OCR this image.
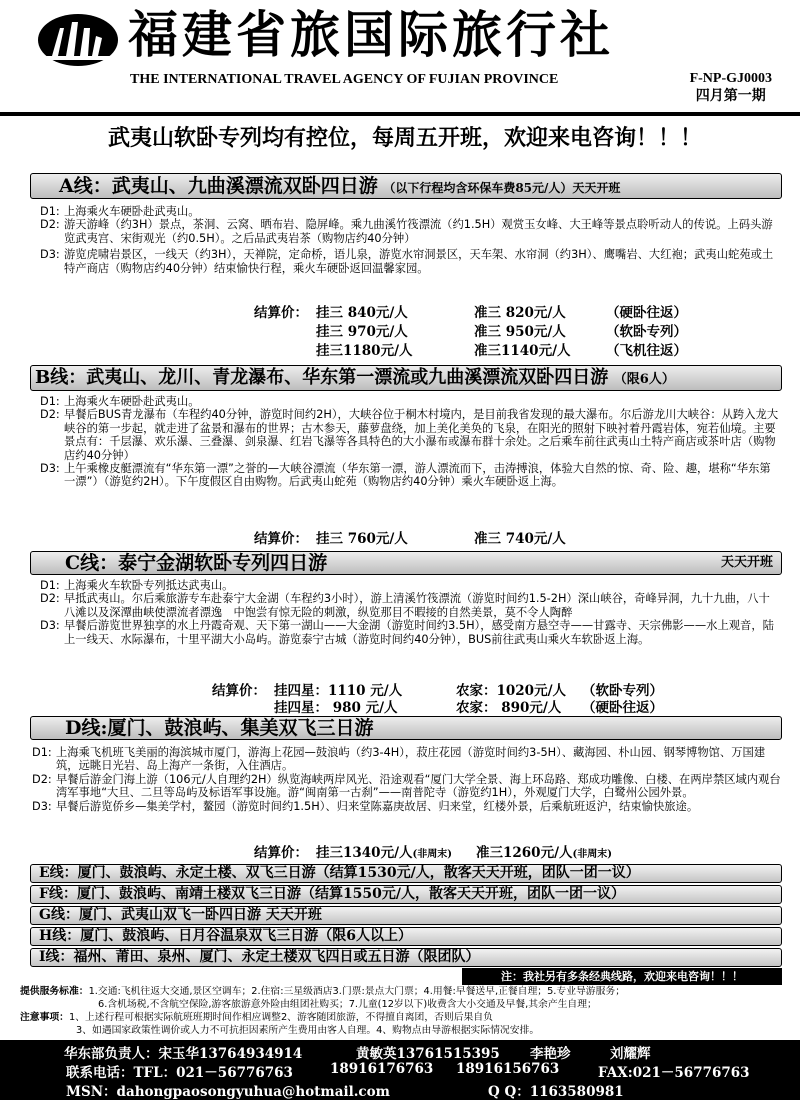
福建省旅国际旅行社
THE INTERNATIONAL TRAVEL AGENCY OF FUJIAN PROVINCE	F-NP-GJ0003
四月第一期
武夷山软卧专列均有控位，每周五开班，欢迎来电咨询！！！
A线：武夷山、九曲溪漂流双卧四日游 （以下行程均含环保车费85元/人）天天开班
D1: 上海乘火车硬卧赴武夷山。
D2: 游天游峰（约3H）景点，茶洞、云窝、晒布岩、隐屏峰。乘九曲溪竹筏漂流（约1.5H）观赏玉女峰、大王峰等景点聆听动人的传说。上码头游览武夷宫、宋街观光（约0.5H）。之后品武夷岩茶（购物店约40分钟）
D3: 游览虎啸岩景区，一线天（约3H），天禅院，定命桥，语儿泉，游览水帘洞景区，天车架、水帘洞（约3H）、鹰嘴岩、大红袍；武夷山蛇苑或土特产商店（购物店约40分钟）结束愉快行程，乘火车硬卧返回温馨家园。
结算价： 挂三 840元/人	准三 820元/人	（硬卧往返）
挂三 970元/人	准三 950元/人	（软卧专列）
挂三1180元/人	准三1140元/人	（飞机往返）
B线：武夷山、龙川、青龙瀑布、华东第一漂流或九曲溪漂流双卧四日游 （限6人）
D1: 上海乘火车硬卧赴武夷山。
D2: 早餐后BUS青龙瀑布（车程约40分钟，游览时间约2H），大峡谷位于桐木村境内，是目前我省发现的最大瀑布。尔后游龙川大峡谷：从跨入龙大峡谷的第一步起，就走进了盆景和瀑布的世界；古木参天，藤萝盘绕，加上美化美奂的飞泉，在阳光的照射下映衬着丹霞岩体，宛若仙境。主要景点有：千层瀑、欢乐瀑、三叠瀑、剑泉瀑、红岩飞瀑等各具特色的大小瀑布或瀑布群十余处。之后乘车前往武夷山土特产商店或茶叶店（购物店约40分钟）
D3: 上午乘橡皮艇漂流有“华东第一漂”之誉的—大峡谷漂流（华东第一漂，游人漂流而下，击涛搏浪，体验大自然的惊、奇、险、趣，堪称“华东第一漂”）（游览约2H）。下午度假区自由购物。后武夷山蛇苑（购物店约40分钟）乘火车硬卧返上海。
结算价： 挂三 760元/人	准三 740元/人
C线：泰宁金湖软卧专列四日游	天天开班
D1: 上海乘火车软卧专列抵达武夷山。
D2: 早抵武夷山。尔后乘旅游专车赴泰宁大金湖（车程约3小时），游上清溪竹筏漂流（游览时间约1.5-2H）深山峡谷，奇峰异洞，九十九曲，八十八滩以及深潭曲峡使漂流者漂逸　中饱尝有惊无险的刺激，纵览那目不暇接的自然美景，莫不令人陶醉
D3: 早餐后游览世界独享的水上丹霞奇观、天下第一湖山——大金湖（游览时间约3.5H），感受南方悬空寺——甘露寺、天宗佛影——水上观音，陆上一线天、水际瀑布，十里平湖大小岛屿。游览泰宁古城（游览时间约40分钟），BUS前往武夷山乘火车软卧返上海。
结算价： 挂四星：1110 元/人	农家：1020元/人 （软卧专列）
挂四星： 980 元/人	农家： 890元/人 （硬卧往返）
D线:厦门、鼓浪屿、集美双飞三日游
D1: 上海乘飞机班飞美丽的海滨城市厦门，游海上花园—鼓浪屿（约3-4H），菽庄花园（游览时间约3-5H）、藏海园、朴山园、钢琴博物馆、万国建筑，远眺日光岩、岛上海产一条街，入住酒店。
D2: 早餐后游金门海上游（106元/人自理约2H）纵览海峡两岸风光、沿途观看“厦门大学全景、海上环岛路、郑成功雕像、白楼、在两岸禁区域内观台湾军事地“大旦、二旦等岛屿及标语军事设施。游“闽南第一古刹”——南普陀寺（游览约1H），外观厦门大学，白鹭州公园外景。
D3: 早餐后游览侨乡—集美学村，鳌园（游览时间约1.5H）、归来堂陈嘉庚故居、归来堂，红楼外景，后乘航班返沪，结束愉快旅途。
结算价： 挂三1340元/人(非周末) 准三1260元/人(非周末)
E线：厦门、鼓浪屿、永定土楼、双飞三日游（结算1530元/人，散客天天开班，团队一团一议）
F线：厦门、鼓浪屿、南靖土楼双飞三日游（结算1550元/人，散客天天开班，团队一团一议）
G线：厦门、武夷山双飞一卧四日游 天天开班
H线：厦门、鼓浪屿、日月谷温泉双飞三日游（限6人以上）
I线：福州、莆田、泉州、厦门、永定土楼双飞四日或五日游（限团队）
注：我社另有多条经典线路，欢迎来电咨询！！！
提供服务标准：1.交通:飞机往返大交通,景区空调车；2.住宿:三星级酒店3.门票:景点大门票；4.用餐:早餐送早,正餐自理；5.专业导游服务；
6.含机场税,不含航空保险,游客旅游意外险由组团社购买；7.儿童(12岁以下)收费含大小交通及早餐,其余产生自理；
注意事项：1、上述行程可根据实际航班班期时间作相应调整2、游客随团旅游，不得擅自离团，否则后果自负
3、如遇国家政策性调价或人力不可抗拒因素所产生费用由客人自理。4、购物点由导游根据实际情况安排。
华东部负责人：宋玉华13764934914	黄敏英13761515395 李艳珍	刘耀辉
联系电话：TFL：021－56776763	18916176763 18916156763	FAX:021－56776763
MSN：dahongpaosongyuhua@hotmail.com	Q Q：1163580981
